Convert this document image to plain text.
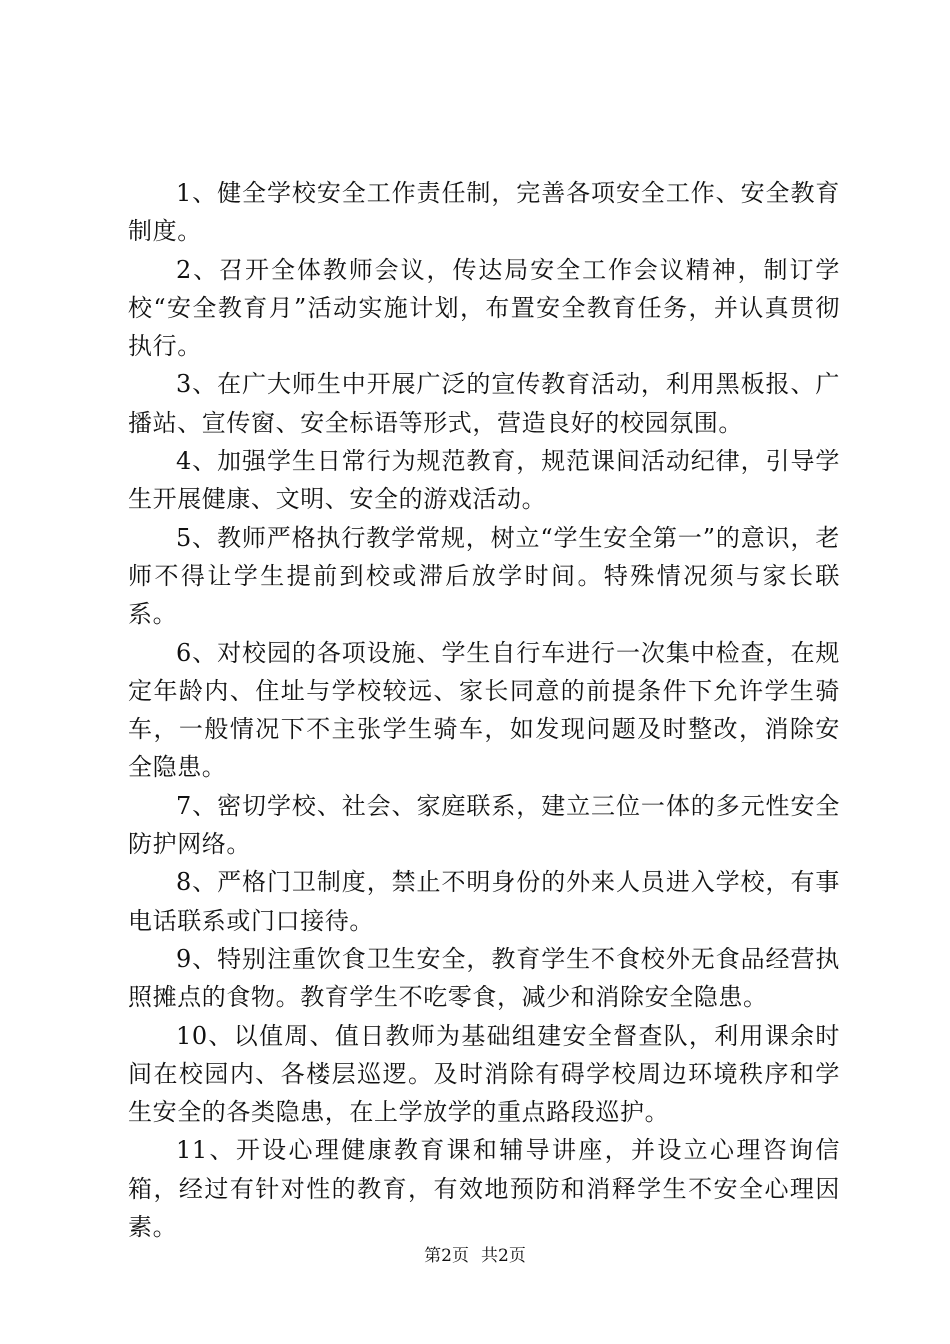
1、健全学校安全工作责任制，完善各项安全工作、安全教育制度。

2、召开全体教师会议，传达局安全工作会议精神，制订学校“安全教育月”活动实施计划，布置安全教育任务，并认真贯彻执行。

3、在广大师生中开展广泛的宣传教育活动，利用黑板报、广播站、宣传窗、安全标语等形式，营造良好的校园氛围。

4、加强学生日常行为规范教育，规范课间活动纪律，引导学生开展健康、文明、安全的游戏活动。

5、教师严格执行教学常规，树立“学生安全第一”的意识，老师不得让学生提前到校或滞后放学时间。特殊情况须与家长联系。

6、对校园的各项设施、学生自行车进行一次集中检查，在规定年龄内、住址与学校较远、家长同意的前提条件下允许学生骑车，一般情况下不主张学生骑车，如发现问题及时整改，消除安全隐患。

7、密切学校、社会、家庭联系，建立三位一体的多元性安全防护网络。

8、严格门卫制度，禁止不明身份的外来人员进入学校，有事电话联系或门口接待。

9、特别注重饮食卫生安全，教育学生不食校外无食品经营执照摊点的食物。教育学生不吃零食，减少和消除安全隐患。

10、以值周、值日教师为基础组建安全督查队，利用课余时间在校园内、各楼层巡逻。及时消除有碍学校周边环境秩序和学生安全的各类隐患，在上学放学的重点路段巡护。

11、开设心理健康教育课和辅导讲座，并设立心理咨询信箱，经过有针对性的教育，有效地预防和消释学生不安全心理因素。

第2页 共2页
